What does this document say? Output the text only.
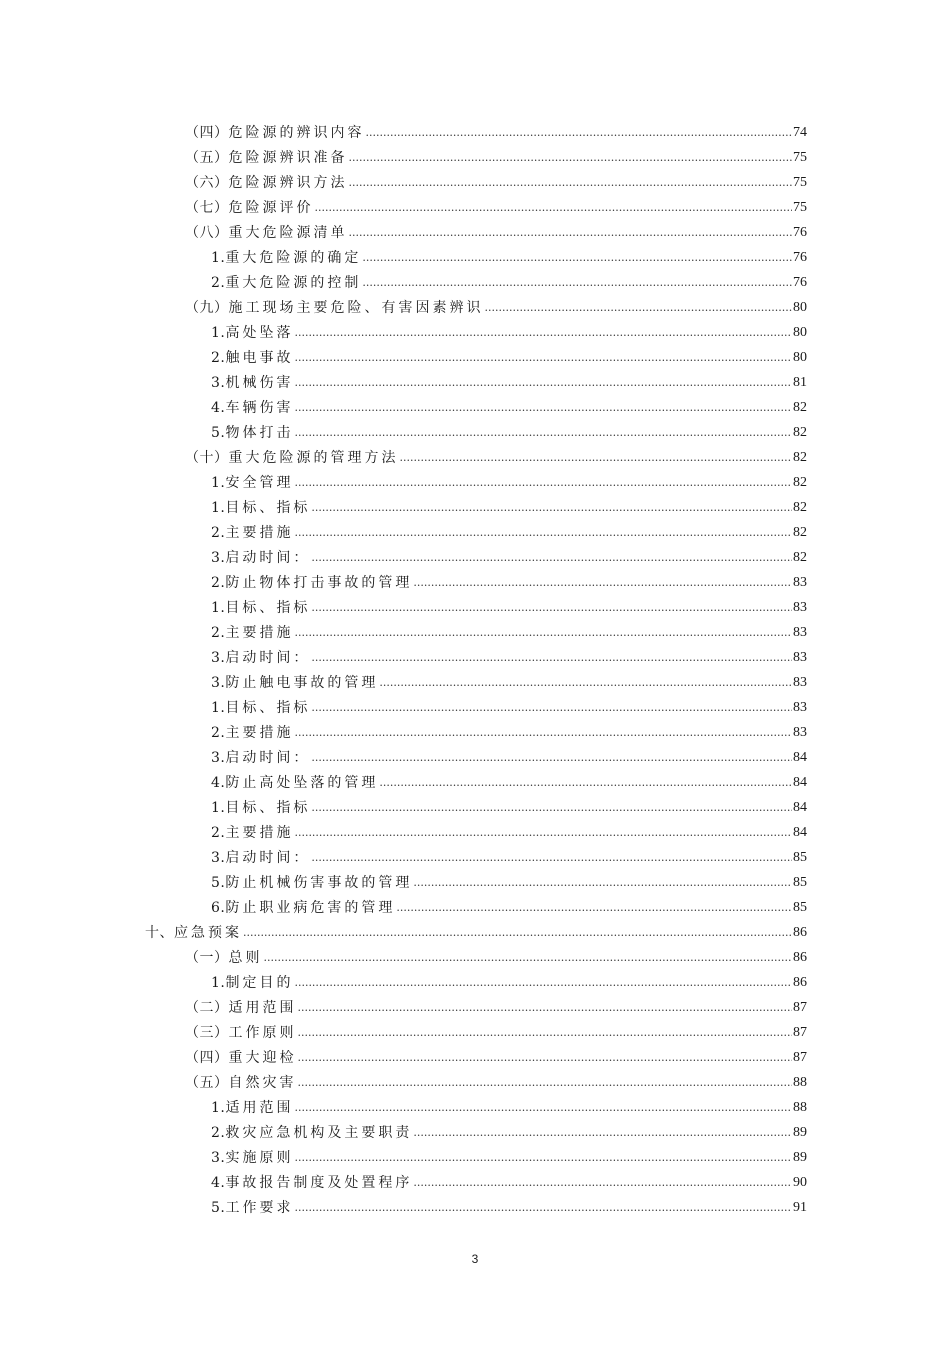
（四） 危险源的辨识内容 .....	74
（五） 危险源辨识准备 .....	75
（六） 危险源辨识方法 .....	75
（七） 危险源评价 .....	75
（八） 重大危险源清单 .....	76
1. 重大危险源的确定 .....	76
2. 重大危险源的控制 .....	76
（九） 施工现场主要危险、有害因素辨识 .....	80
1. 高处坠落 .....	80
2. 触电事故 .....	80
3. 机械伤害 .....	81
4. 车辆伤害 .....	82
5. 物体打击 .....	82
（十） 重大危险源的管理方法 .....	82
1. 安全管理 .....	82
1. 目标、指标 .....	82
2. 主要措施 .....	82
3. 启动时间： .....	82
2. 防止物体打击事故的管理 .....	83
1. 目标、指标 .....	83
2. 主要措施 .....	83
3. 启动时间： .....	83
3. 防止触电事故的管理 .....	83
1. 目标、指标 .....	83
2. 主要措施 .....	83
3. 启动时间： .....	84
4. 防止高处坠落的管理 .....	84
1. 目标、指标 .....	84
2. 主要措施 .....	84
3. 启动时间： .....	85
5. 防止机械伤害事故的管理 .....	85
6. 防止职业病危害的管理 .....	85
十、 应急预案 .....	86
（一） 总则 .....	86
1. 制定目的 .....	86
（二） 适用范围 .....	87
（三） 工作原则 .....	87
（四） 重大迎检 .....	87
（五） 自然灾害 .....	88
1. 适用范围 .....	88
2. 救灾应急机构及主要职责 .....	89
3. 实施原则 .....	89
4. 事故报告制度及处置程序 .....	90
5. 工作要求 .....	91
3
